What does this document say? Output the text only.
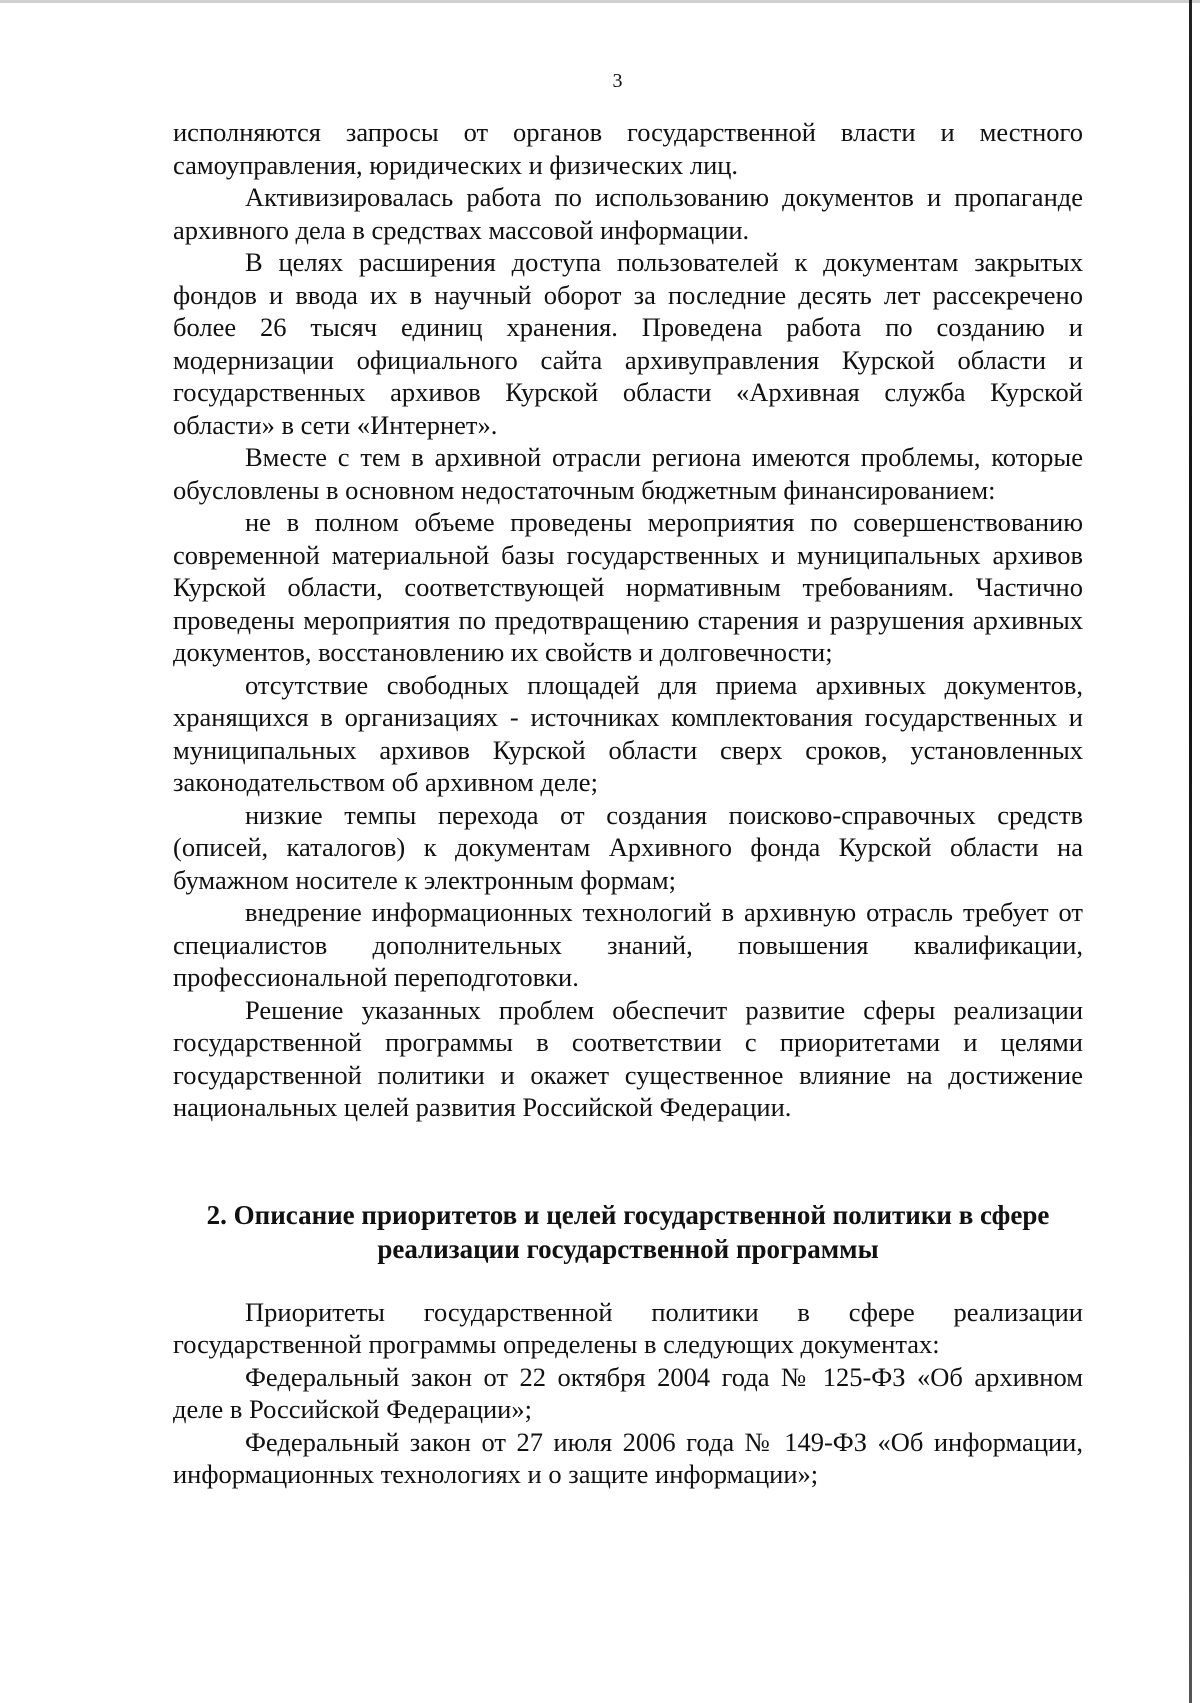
3

исполняются запросы от органов государственной власти и местного самоуправления, юридических и физических лиц.

Активизировалась работа по использованию документов и пропаганде архивного дела в средствах массовой информации.

В целях расширения доступа пользователей к документам закрытых фондов и ввода их в научный оборот за последние десять лет рассекречено более 26 тысяч единиц хранения. Проведена работа по созданию и модернизации официального сайта архивуправления Курской области и государственных архивов Курской области «Архивная служба Курской области» в сети «Интернет».

Вместе с тем в архивной отрасли региона имеются проблемы, которые обусловлены в основном недостаточным бюджетным финансированием:

не в полном объеме проведены мероприятия по совершенствованию современной материальной базы государственных и муниципальных архивов Курской области, соответствующей нормативным требованиям. Частично проведены мероприятия по предотвращению старения и разрушения архивных документов, восстановлению их свойств и долговечности;

отсутствие свободных площадей для приема архивных документов, хранящихся в организациях - источниках комплектования государственных и муниципальных архивов Курской области сверх сроков, установленных законодательством об архивном деле;

низкие темпы перехода от создания поисково-справочных средств (описей, каталогов) к документам Архивного фонда Курской области на бумажном носителе к электронным формам;

внедрение информационных технологий в архивную отрасль требует от специалистов дополнительных знаний, повышения квалификации, профессиональной переподготовки.

Решение указанных проблем обеспечит развитие сферы реализации государственной программы в соответствии с приоритетами и целями государственной политики и окажет существенное влияние на достижение национальных целей развития Российской Федерации.

2. Описание приоритетов и целей государственной политики в сфере
реализации государственной программы

Приоритеты государственной политики в сфере реализации государственной программы определены в следующих документах:

Федеральный закон от 22 октября 2004 года № 125-ФЗ «Об архивном деле в Российской Федерации»;

Федеральный закон от 27 июля 2006 года № 149-ФЗ «Об информации, информационных технологиях и о защите информации»;
